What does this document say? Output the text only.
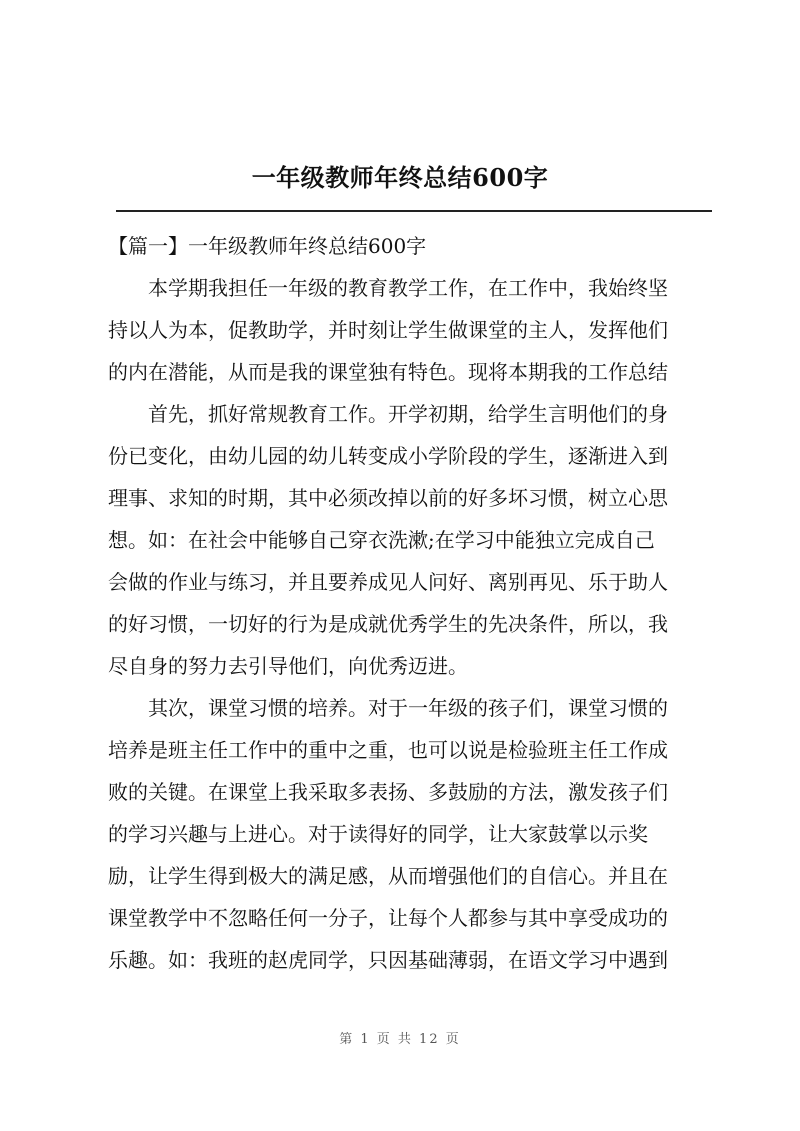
一年级教师年终总结600字
【篇一】一年级教师年终总结600字
本学期我担任一年级的教育教学工作，在工作中，我始终坚
持以人为本，促教助学，并时刻让学生做课堂的主人，发挥他们
的内在潜能，从而是我的课堂独有特色。现将本期我的工作总结
首先，抓好常规教育工作。开学初期，给学生言明他们的身
份已变化，由幼儿园的幼儿转变成小学阶段的学生，逐渐进入到
理事、求知的时期，其中必须改掉以前的好多坏习惯，树立心思
想。如：在社会中能够自己穿衣洗漱;在学习中能独立完成自己
会做的作业与练习，并且要养成见人问好、离别再见、乐于助人
的好习惯，一切好的行为是成就优秀学生的先决条件，所以，我
尽自身的努力去引导他们，向优秀迈进。
其次，课堂习惯的培养。对于一年级的孩子们，课堂习惯的
培养是班主任工作中的重中之重，也可以说是检验班主任工作成
败的关键。在课堂上我采取多表扬、多鼓励的方法，激发孩子们
的学习兴趣与上进心。对于读得好的同学，让大家鼓掌以示奖
励，让学生得到极大的满足感，从而增强他们的自信心。并且在
课堂教学中不忽略任何一分子，让每个人都参与其中享受成功的
乐趣。如：我班的赵虎同学，只因基础薄弱，在语文学习中遇到
第 1 页 共 12 页
